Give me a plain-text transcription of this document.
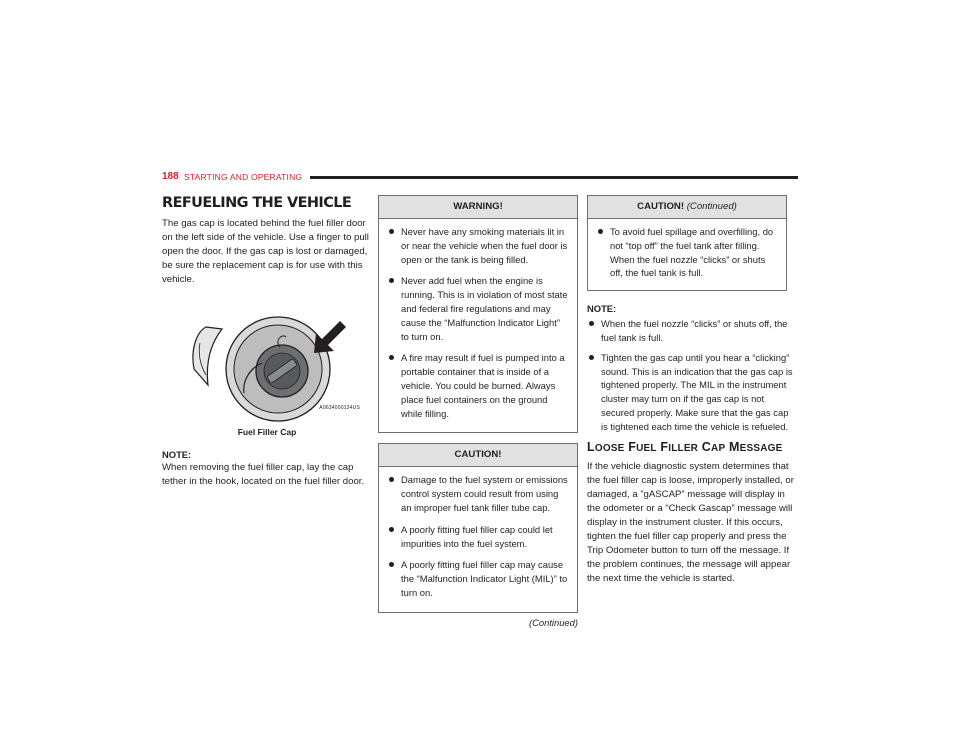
188 STARTING AND OPERATING
REFUELING THE VEHICLE

The gas cap is located behind the fuel filler door on the left side of the vehicle. Use a finger to pull open the door. If the gas cap is lost or damaged, be sure the replacement cap is for use with this vehicle.

A0634000134US
Fuel Filler Cap
NOTE:

When removing the fuel filler cap, lay the cap tether in the hook, located on the fuel filler door.

WARNING!
Never have any smoking materials lit in or near the vehicle when the fuel door is open or the tank is being filled.
Never add fuel when the engine is running. This is in violation of most state and federal fire regulations and may cause the “Malfunction Indicator Light” to turn on.
A fire may result if fuel is pumped into a portable container that is inside of a vehicle. You could be burned. Always place fuel containers on the ground while filling.
CAUTION!
Damage to the fuel system or emissions control system could result from using an improper fuel tank filler tube cap.
A poorly fitting fuel filler cap could let impurities into the fuel system.
A poorly fitting fuel filler cap may cause the “Malfunction Indicator Light (MIL)” to turn on.
(Continued)
CAUTION! (Continued)
To avoid fuel spillage and overfilling, do not “top off” the fuel tank after filling. When the fuel nozzle “clicks” or shuts off, the fuel tank is full.
NOTE:
When the fuel nozzle “clicks” or shuts off, the fuel tank is full.
Tighten the gas cap until you hear a “clicking” sound. This is an indication that the gas cap is tightened properly. The MIL in the instrument cluster may turn on if the gas cap is not secured properly. Make sure that the gas cap is tightened each time the vehicle is refueled.
LOOSE FUEL FILLER CAP MESSAGE

If the vehicle diagnostic system determines that the fuel filler cap is loose, improperly installed, or damaged, a ”gASCAP” message will display in the odometer or a “Check Gascap” message will display in the instrument cluster. If this occurs, tighten the fuel filler cap properly and press the Trip Odometer button to turn off the message. If the problem continues, the message will appear the next time the vehicle is started.
